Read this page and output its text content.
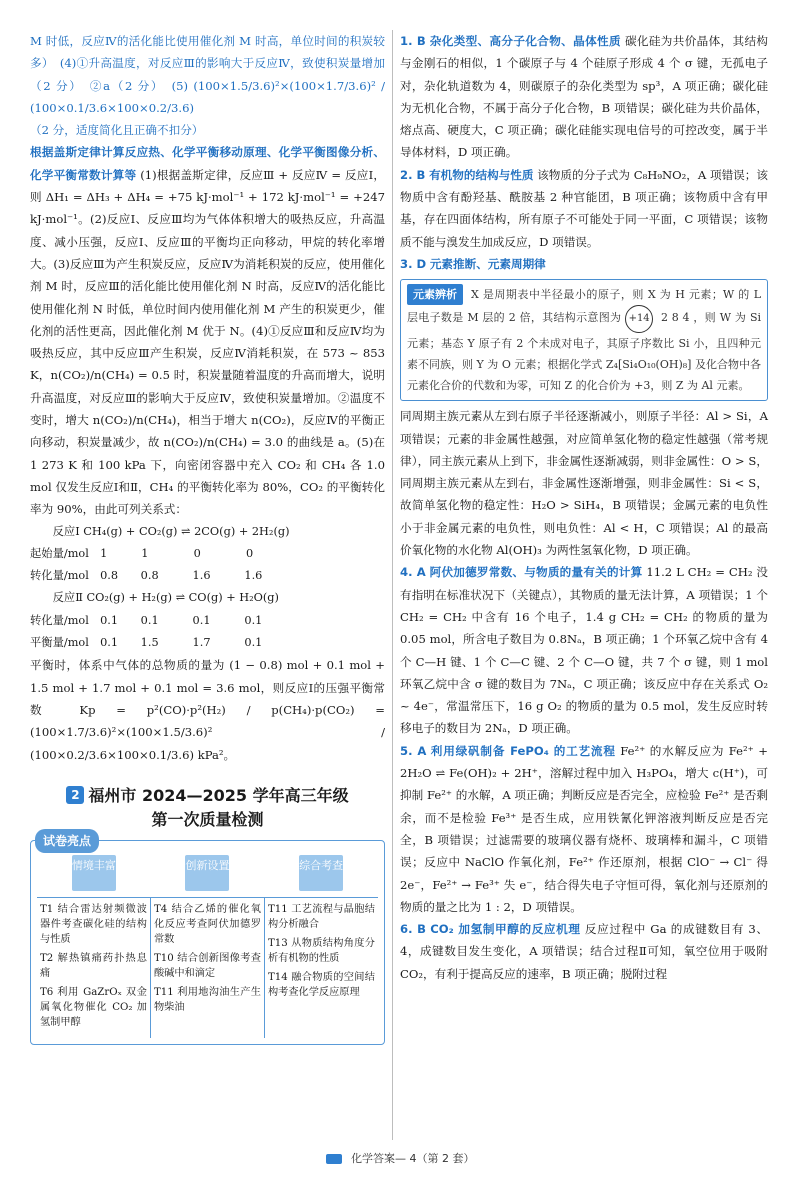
M 时低，反应Ⅳ的活化能比使用催化剂 M 时高，单位时间的积炭较多）　(4)①升高温度，对反应Ⅲ的影响大于反应Ⅳ，致使积炭量增加（2 分）　②a（2 分）　(5) (100×1.5/3.6)²×(100×1.7/3.6)² / (100×0.1/3.6×100×0.2/3.6)

（2 分，适度简化且正确不扣分）

根据盖斯定律计算反应热、化学平衡移动原理、化学平衡图像分析、化学平衡常数计算等 (1)根据盖斯定律，反应Ⅲ + 反应Ⅳ = 反应Ⅰ，则 ΔH₁ = ΔH₃ + ΔH₄ = +75 kJ·mol⁻¹ + 172 kJ·mol⁻¹ = +247 kJ·mol⁻¹。(2)反应Ⅰ、反应Ⅲ均为气体体积增大的吸热反应，升高温度、减小压强，反应Ⅰ、反应Ⅲ的平衡均正向移动，甲烷的转化率增大。(3)反应Ⅲ为产生积炭反应，反应Ⅳ为消耗积炭的反应，使用催化剂 M 时，反应Ⅲ的活化能比使用催化剂 N 时高，反应Ⅳ的活化能比使用催化剂 N 时低，单位时间内使用催化剂 M 产生的积炭更少，催化剂的活性更高，因此催化剂 M 优于 N。(4)①反应Ⅲ和反应Ⅳ均为吸热反应，其中反应Ⅲ产生积炭，反应Ⅳ消耗积炭，在 573 ~ 853 K，n(CO₂)/n(CH₄) = 0.5 时，积炭量随着温度的升高而增大，说明升高温度，对反应Ⅲ的影响大于反应Ⅳ，致使积炭量增加。②温度不变时，增大 n(CO₂)/n(CH₄)，相当于增大 n(CO₂)，反应Ⅳ的平衡正向移动，积炭量减少，故 n(CO₂)/n(CH₄) = 3.0 的曲线是 a。(5)在 1 273 K 和 100 kPa 下，向密闭容器中充入 CO₂ 和 CH₄ 各 1.0 mol 仅发生反应Ⅰ和Ⅱ，CH₄ 的平衡转化率为 80%，CO₂ 的平衡转化率为 90%，由此可列关系式：

　　反应Ⅰ CH₄(g) + CO₂(g) ⇌ 2CO(g) + 2H₂(g)

起始量/mol　1　　　1　　　　0　　　　0

转化量/mol　0.8　　0.8　　　1.6　　　1.6

　　反应Ⅱ CO₂(g) + H₂(g) ⇌ CO(g) + H₂O(g)

转化量/mol　0.1　　0.1　　　0.1　　　0.1

平衡量/mol　0.1　　1.5　　　1.7　　　0.1

平衡时，体系中气体的总物质的量为 (1 − 0.8) mol + 0.1 mol + 1.5 mol + 1.7 mol + 0.1 mol = 3.6 mol，则反应Ⅰ的压强平衡常数 Kp = p²(CO)·p²(H₂) / p(CH₄)·p(CO₂) = (100×1.7/3.6)²×(100×1.5/3.6)² / (100×0.2/3.6×100×0.1/3.6) kPa²。

2 福州市 2024—2025 学年高三年级
第一次质量检测
试卷亮点
情境丰富	创新设置	综合考查

T1 结合雷达射频微波器件考查碳化硅的结构与性质

T2 解热镇痛药扑热息痛

T6 利用 GaZrOₓ 双金属氧化物催化 CO₂ 加氢制甲醇

T4 结合乙烯的催化氧化反应考查阿伏加德罗常数

T10 结合创新图像考查酸碱中和滴定

T11 利用地沟油生产生物柴油

T11 工艺流程与晶胞结构分析融合

T13 从物质结构角度分析有机物的性质

T14 融合物质的空间结构考查化学反应原理

1. B 杂化类型、高分子化合物、晶体性质 碳化硅为共价晶体，其结构与金刚石的相似，1 个碳原子与 4 个硅原子形成 4 个 σ 键，无孤电子对，杂化轨道数为 4，则碳原子的杂化类型为 sp³，A 项正确；碳化硅为无机化合物，不属于高分子化合物，B 项错误；碳化硅为共价晶体，熔点高、硬度大，C 项正确；碳化硅能实现电信号的可控改变，属于半导体材料，D 项正确。

2. B 有机物的结构与性质 该物质的分子式为 C₈H₉NO₂，A 项错误；该物质中含有酚羟基、酰胺基 2 种官能团，B 项正确；该物质中含有甲基，存在四面体结构，所有原子不可能处于同一平面，C 项错误；该物质不能与溴发生加成反应，D 项错误。

3. D 元素推断、元素周期律

元素辨析 X 是周期表中半径最小的原子，则 X 为 H 元素；W 的 L 层电子数是 M 层的 2 倍，其结构示意图为 +14 2 8 4 ，则 W 为 Si 元素；基态 Y 原子有 2 个未成对电子，其原子序数比 Si 小，且四种元素不同族，则 Y 为 O 元素；根据化学式 Z₄[Si₄O₁₀(OH)₈] 及化合物中各元素化合价的代数和为零，可知 Z 的化合价为 +3，则 Z 为 Al 元素。

同周期主族元素从左到右原子半径逐渐减小，则原子半径：Al > Si，A 项错误；元素的非金属性越强，对应简单氢化物的稳定性越强（常考规律），同主族元素从上到下，非金属性逐渐减弱，则非金属性：O > S，同周期主族元素从左到右，非金属性逐渐增强，则非金属性：Si < S，故简单氢化物的稳定性：H₂O > SiH₄，B 项错误；金属元素的电负性小于非金属元素的电负性，则电负性：Al < H，C 项错误；Al 的最高价氧化物的水化物 Al(OH)₃ 为两性氢氧化物，D 项正确。

4. A 阿伏加德罗常数、与物质的量有关的计算 11.2 L CH₂ = CH₂ 没有指明在标准状况下（关键点），其物质的量无法计算，A 项错误；1 个 CH₂ = CH₂ 中含有 16 个电子，1.4 g CH₂ = CH₂ 的物质的量为 0.05 mol，所含电子数目为 0.8Nₐ，B 项正确；1 个环氧乙烷中含有 4 个 C—H 键、1 个 C—C 键、2 个 C—O 键，共 7 个 σ 键，则 1 mol 环氧乙烷中含 σ 键的数目为 7Nₐ，C 项正确；该反应中存在关系式 O₂ ~ 4e⁻，常温常压下，16 g O₂ 的物质的量为 0.5 mol，发生反应时转移电子的数目为 2Nₐ，D 项正确。

5. A 利用绿矾制备 FePO₄ 的工艺流程 Fe²⁺ 的水解反应为 Fe²⁺ + 2H₂O ⇌ Fe(OH)₂ + 2H⁺，溶解过程中加入 H₃PO₄，增大 c(H⁺)，可抑制 Fe²⁺ 的水解，A 项正确；判断反应是否完全，应检验 Fe²⁺ 是否剩余，而不是检验 Fe³⁺ 是否生成，应用铁氰化钾溶液判断反应是否完全，B 项错误；过滤需要的玻璃仪器有烧杯、玻璃棒和漏斗，C 项错误；反应中 NaClO 作氧化剂，Fe²⁺ 作还原剂，根据 ClO⁻ → Cl⁻ 得 2e⁻，Fe²⁺ → Fe³⁺ 失 e⁻，结合得失电子守恒可得，氧化剂与还原剂的物质的量之比为 1 : 2，D 项错误。

6. B CO₂ 加氢制甲醇的反应机理 反应过程中 Ga 的成键数目有 3、4，成键数目发生变化，A 项错误；结合过程Ⅱ可知，氧空位用于吸附 CO₂，有利于提高反应的速率，B 项正确；脱附过程

化学答案— 4（第 2 套）
